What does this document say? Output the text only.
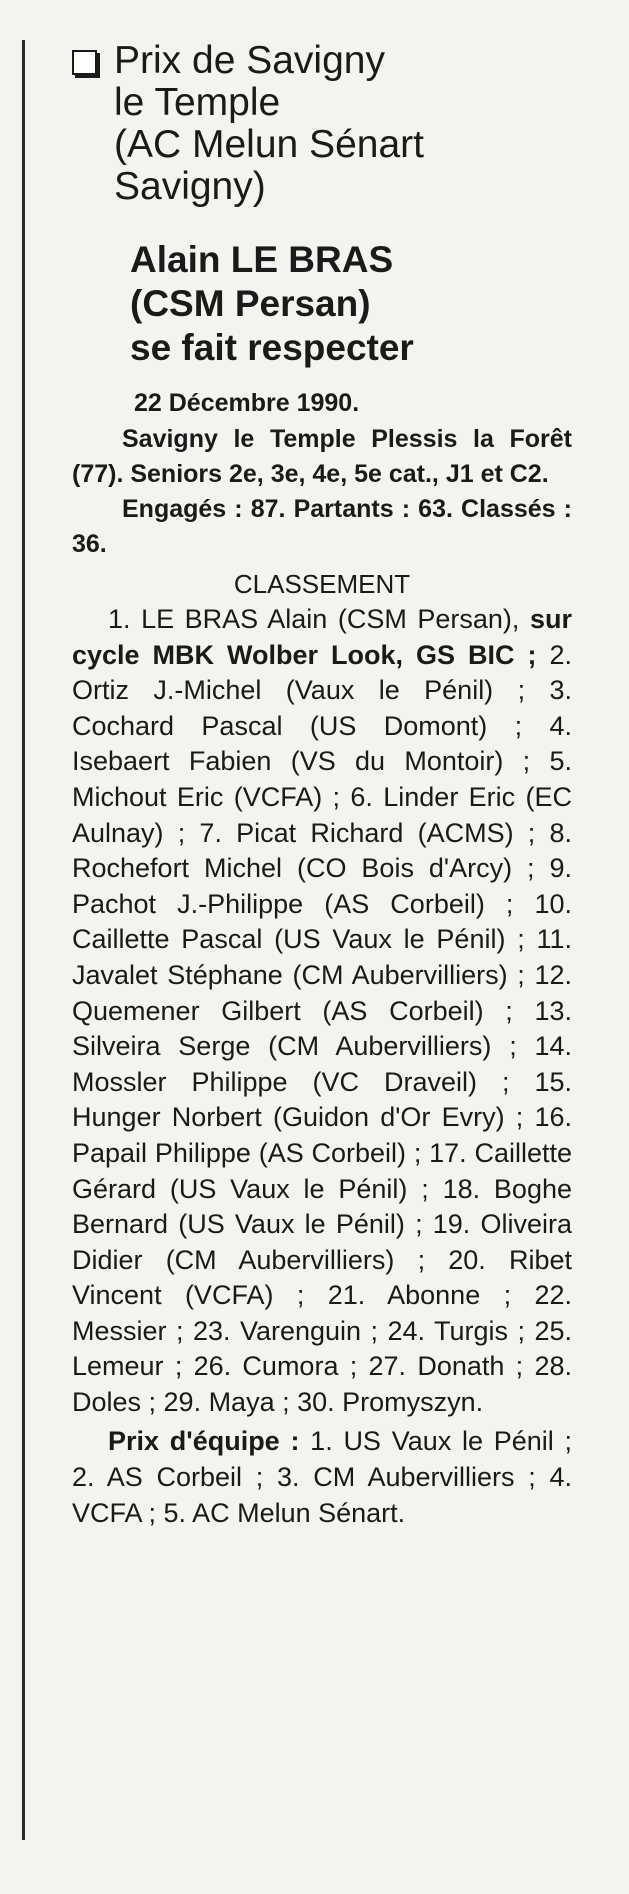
Prix de Savigny
le Temple
(AC Melun Sénart
Savigny)
Alain LE BRAS
(CSM Persan)
se fait respecter
22 Décembre 1990.
Savigny le Temple Plessis la Forêt (77). Seniors 2e, 3e, 4e, 5e cat., J1 et C2.
Engagés : 87. Partants : 63. Classés : 36.
CLASSEMENT
1. LE BRAS Alain (CSM Persan), sur cycle MBK Wolber Look, GS BIC ; 2. Ortiz J.-Michel (Vaux le Pénil) ; 3. Cochard Pascal (US Domont) ; 4. Isebaert Fabien (VS du Montoir) ; 5. Michout Eric (VCFA) ; 6. Linder Eric (EC Aulnay) ; 7. Picat Richard (ACMS) ; 8. Rochefort Michel (CO Bois d'Arcy) ; 9. Pachot J.-Philippe (AS Corbeil) ; 10. Caillette Pascal (US Vaux le Pénil) ; 11. Javalet Stéphane (CM Aubervilliers) ; 12. Quemener Gilbert (AS Corbeil) ; 13. Silveira Serge (CM Aubervilliers) ; 14. Mossler Philippe (VC Draveil) ; 15. Hunger Norbert (Guidon d'Or Evry) ; 16. Papail Philippe (AS Corbeil) ; 17. Caillette Gérard (US Vaux le Pénil) ; 18. Boghe Bernard (US Vaux le Pénil) ; 19. Oliveira Didier (CM Aubervilliers) ; 20. Ribet Vincent (VCFA) ; 21. Abonne ; 22. Messier ; 23. Varenguin ; 24. Turgis ; 25. Lemeur ; 26. Cumora ; 27. Donath ; 28. Doles ; 29. Maya ; 30. Promyszyn.
Prix d'équipe : 1. US Vaux le Pénil ; 2. AS Corbeil ; 3. CM Aubervilliers ; 4. VCFA ; 5. AC Melun Sénart.
